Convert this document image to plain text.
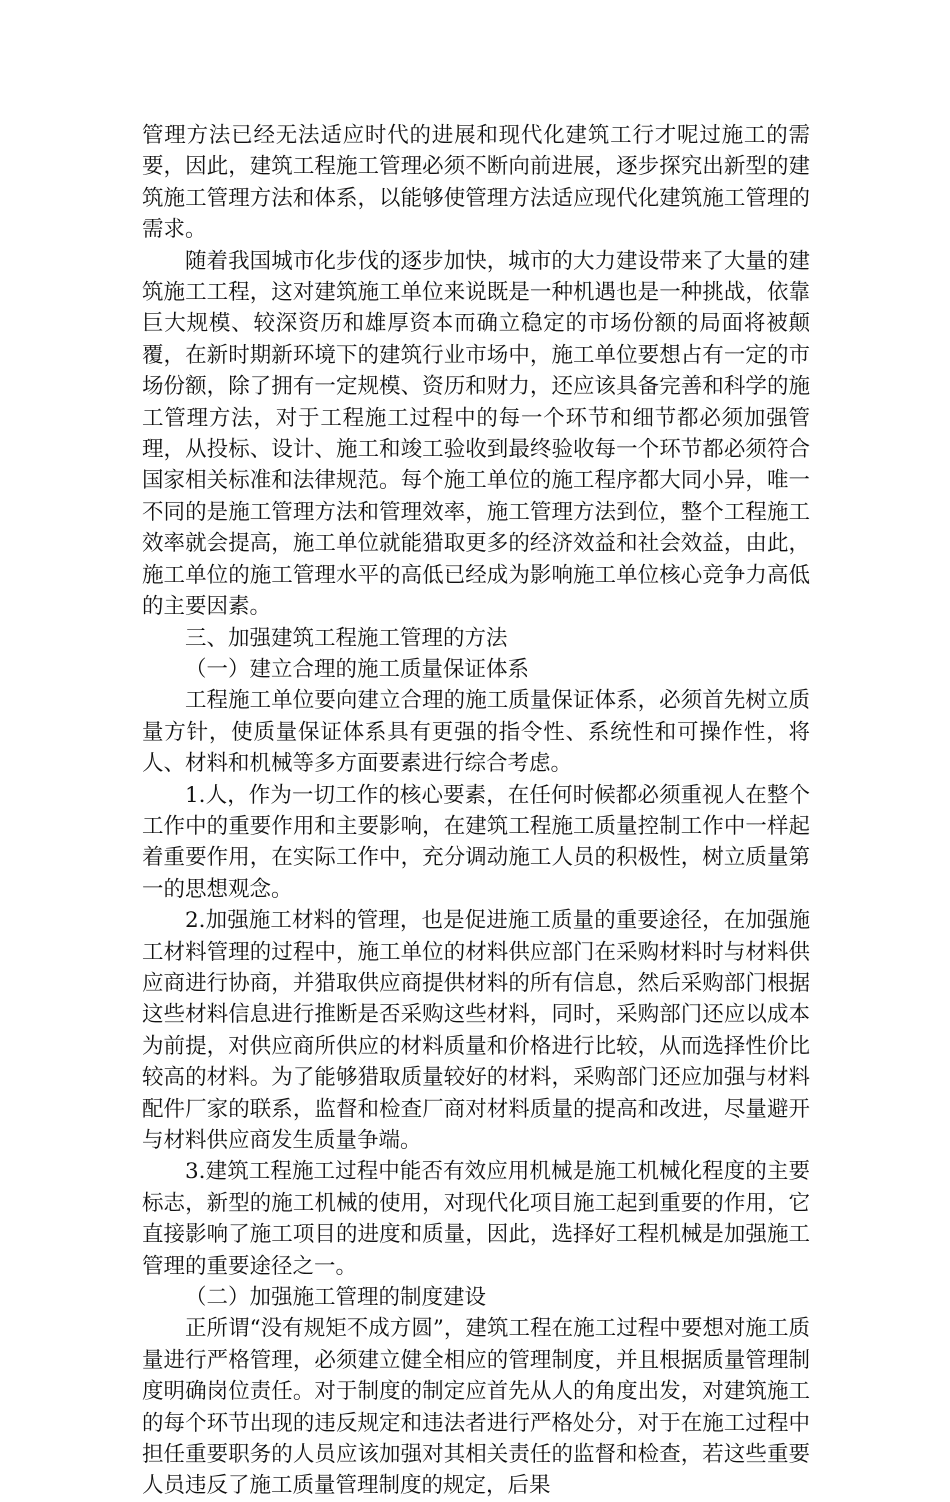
管理方法已经无法适应时代的进展和现代化建筑工行才呢过施工的需要，因此，建筑工程施工管理必须不断向前进展，逐步探究出新型的建筑施工管理方法和体系，以能够使管理方法适应现代化建筑施工管理的需求。

随着我国城市化步伐的逐步加快，城市的大力建设带来了大量的建筑施工工程，这对建筑施工单位来说既是一种机遇也是一种挑战，依靠巨大规模、较深资历和雄厚资本而确立稳定的市场份额的局面将被颠覆，在新时期新环境下的建筑行业市场中，施工单位要想占有一定的市场份额，除了拥有一定规模、资历和财力，还应该具备完善和科学的施工管理方法，对于工程施工过程中的每一个环节和细节都必须加强管理，从投标、设计、施工和竣工验收到最终验收每一个环节都必须符合国家相关标准和法律规范。每个施工单位的施工程序都大同小异，唯一不同的是施工管理方法和管理效率，施工管理方法到位，整个工程施工效率就会提高，施工单位就能猎取更多的经济效益和社会效益，由此，施工单位的施工管理水平的高低已经成为影响施工单位核心竞争力高低的主要因素。

三、加强建筑工程施工管理的方法

（一）建立合理的施工质量保证体系

工程施工单位要向建立合理的施工质量保证体系，必须首先树立质量方针，使质量保证体系具有更强的指令性、系统性和可操作性，将人、材料和机械等多方面要素进行综合考虑。

1.人，作为一切工作的核心要素，在任何时候都必须重视人在整个工作中的重要作用和主要影响，在建筑工程施工质量控制工作中一样起着重要作用，在实际工作中，充分调动施工人员的积极性，树立质量第一的思想观念。

2.加强施工材料的管理，也是促进施工质量的重要途径，在加强施工材料管理的过程中，施工单位的材料供应部门在采购材料时与材料供应商进行协商，并猎取供应商提供材料的所有信息，然后采购部门根据这些材料信息进行推断是否采购这些材料，同时，采购部门还应以成本为前提，对供应商所供应的材料质量和价格进行比较，从而选择性价比较高的材料。为了能够猎取质量较好的材料，采购部门还应加强与材料配件厂家的联系，监督和检查厂商对材料质量的提高和改进，尽量避开与材料供应商发生质量争端。

3.建筑工程施工过程中能否有效应用机械是施工机械化程度的主要标志，新型的施工机械的使用，对现代化项目施工起到重要的作用，它直接影响了施工项目的进度和质量，因此，选择好工程机械是加强施工管理的重要途径之一。

（二）加强施工管理的制度建设

正所谓“没有规矩不成方圆”，建筑工程在施工过程中要想对施工质量进行严格管理，必须建立健全相应的管理制度，并且根据质量管理制度明确岗位责任。对于制度的制定应首先从人的角度出发，对建筑施工的每个环节出现的违反规定和违法者进行严格处分，对于在施工过程中担任重要职务的人员应该加强对其相关责任的监督和检查，若这些重要人员违反了施工质量管理制度的规定，后果
